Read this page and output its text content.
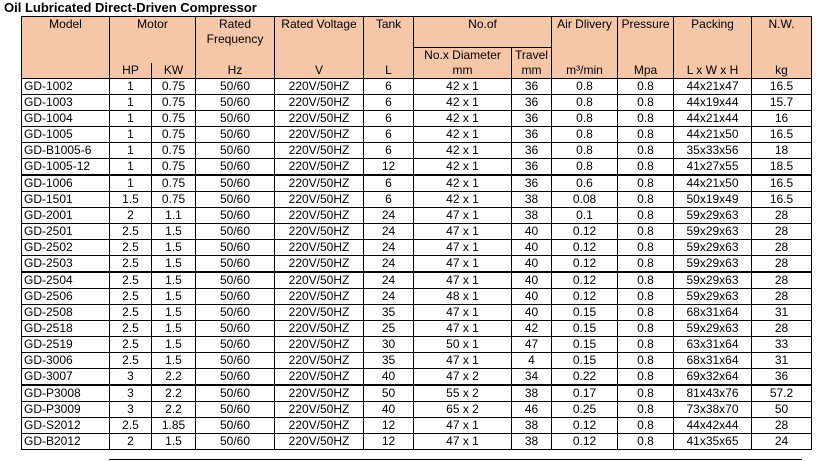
Oil Lubricated Direct-Driven Compressor
Model	Motor		Rated Frequency	Rated Voltage	Tank	No.of		Air Dlivery	Pressure	Packing	N.W.
						No.x Diameter	Travel				
	HP	KW	Hz	V	L	mm	mm	m³/min	Mpa	L x W x H	kg
GD-1002	1	0.75	50/60	220V/50HZ	6	42 x 1	36	0.8	0.8	44x21x47	16.5
GD-1003	1	0.75	50/60	220V/50HZ	6	42 x 1	36	0.8	0.8	44x19x44	15.7
GD-1004	1	0.75	50/60	220V/50HZ	6	42 x 1	36	0.8	0.8	44x21x44	16
GD-1005	1	0.75	50/60	220V/50HZ	6	42 x 1	36	0.8	0.8	44x21x50	16.5
GD-B1005-6	1	0.75	50/60	220V/50HZ	6	42 x 1	36	0.8	0.8	35x33x56	18
GD-1005-12	1	0.75	50/60	220V/50HZ	12	42 x 1	36	0.8	0.8	41x27x55	18.5
GD-1006	1	0.75	50/60	220V/50HZ	6	42 x 1	36	0.6	0.8	44x21x50	16.5
GD-1501	1.5	0.75	50/60	220V/50HZ	6	42 x 1	38	0.08	0.8	50x19x49	16.5
GD-2001	2	1.1	50/60	220V/50HZ	24	47 x 1	38	0.1	0.8	59x29x63	28
GD-2501	2.5	1.5	50/60	220V/50HZ	24	47 x 1	40	0.12	0.8	59x29x63	28
GD-2502	2.5	1.5	50/60	220V/50HZ	24	47 x 1	40	0.12	0.8	59x29x63	28
GD-2503	2.5	1.5	50/60	220V/50HZ	24	47 x 1	40	0.12	0.8	59x29x63	28
GD-2504	2.5	1.5	50/60	220V/50HZ	24	47 x 1	40	0.12	0.8	59x29x63	28
GD-2506	2.5	1.5	50/60	220V/50HZ	24	48 x 1	40	0.12	0.8	59x29x63	28
GD-2508	2.5	1.5	50/60	220V/50HZ	35	47 x 1	40	0.15	0.8	68x31x64	31
GD-2518	2.5	1.5	50/60	220V/50HZ	25	47 x 1	42	0.15	0.8	59x29x63	28
GD-2519	2.5	1.5	50/60	220V/50HZ	30	50 x 1	47	0.15	0.8	63x31x64	33
GD-3006	2.5	1.5	50/60	220V/50HZ	35	47 x 1	4	0.15	0.8	68x31x64	31
GD-3007	3	2.2	50/60	220V/50HZ	40	47 x 2	34	0.22	0.8	69x32x64	36
GD-P3008	3	2.2	50/60	220V/50HZ	50	55 x 2	38	0.17	0.8	81x43x76	57.2
GD-P3009	3	2.2	50/60	220V/50HZ	40	65 x 2	46	0.25	0.8	73x38x70	50
GD-S2012	2.5	1.85	50/60	220V/50HZ	12	47 x 1	38	0.12	0.8	44x42x44	28
GD-B2012	2	1.5	50/60	220V/50HZ	12	47 x 1	38	0.12	0.8	41x35x65	24
